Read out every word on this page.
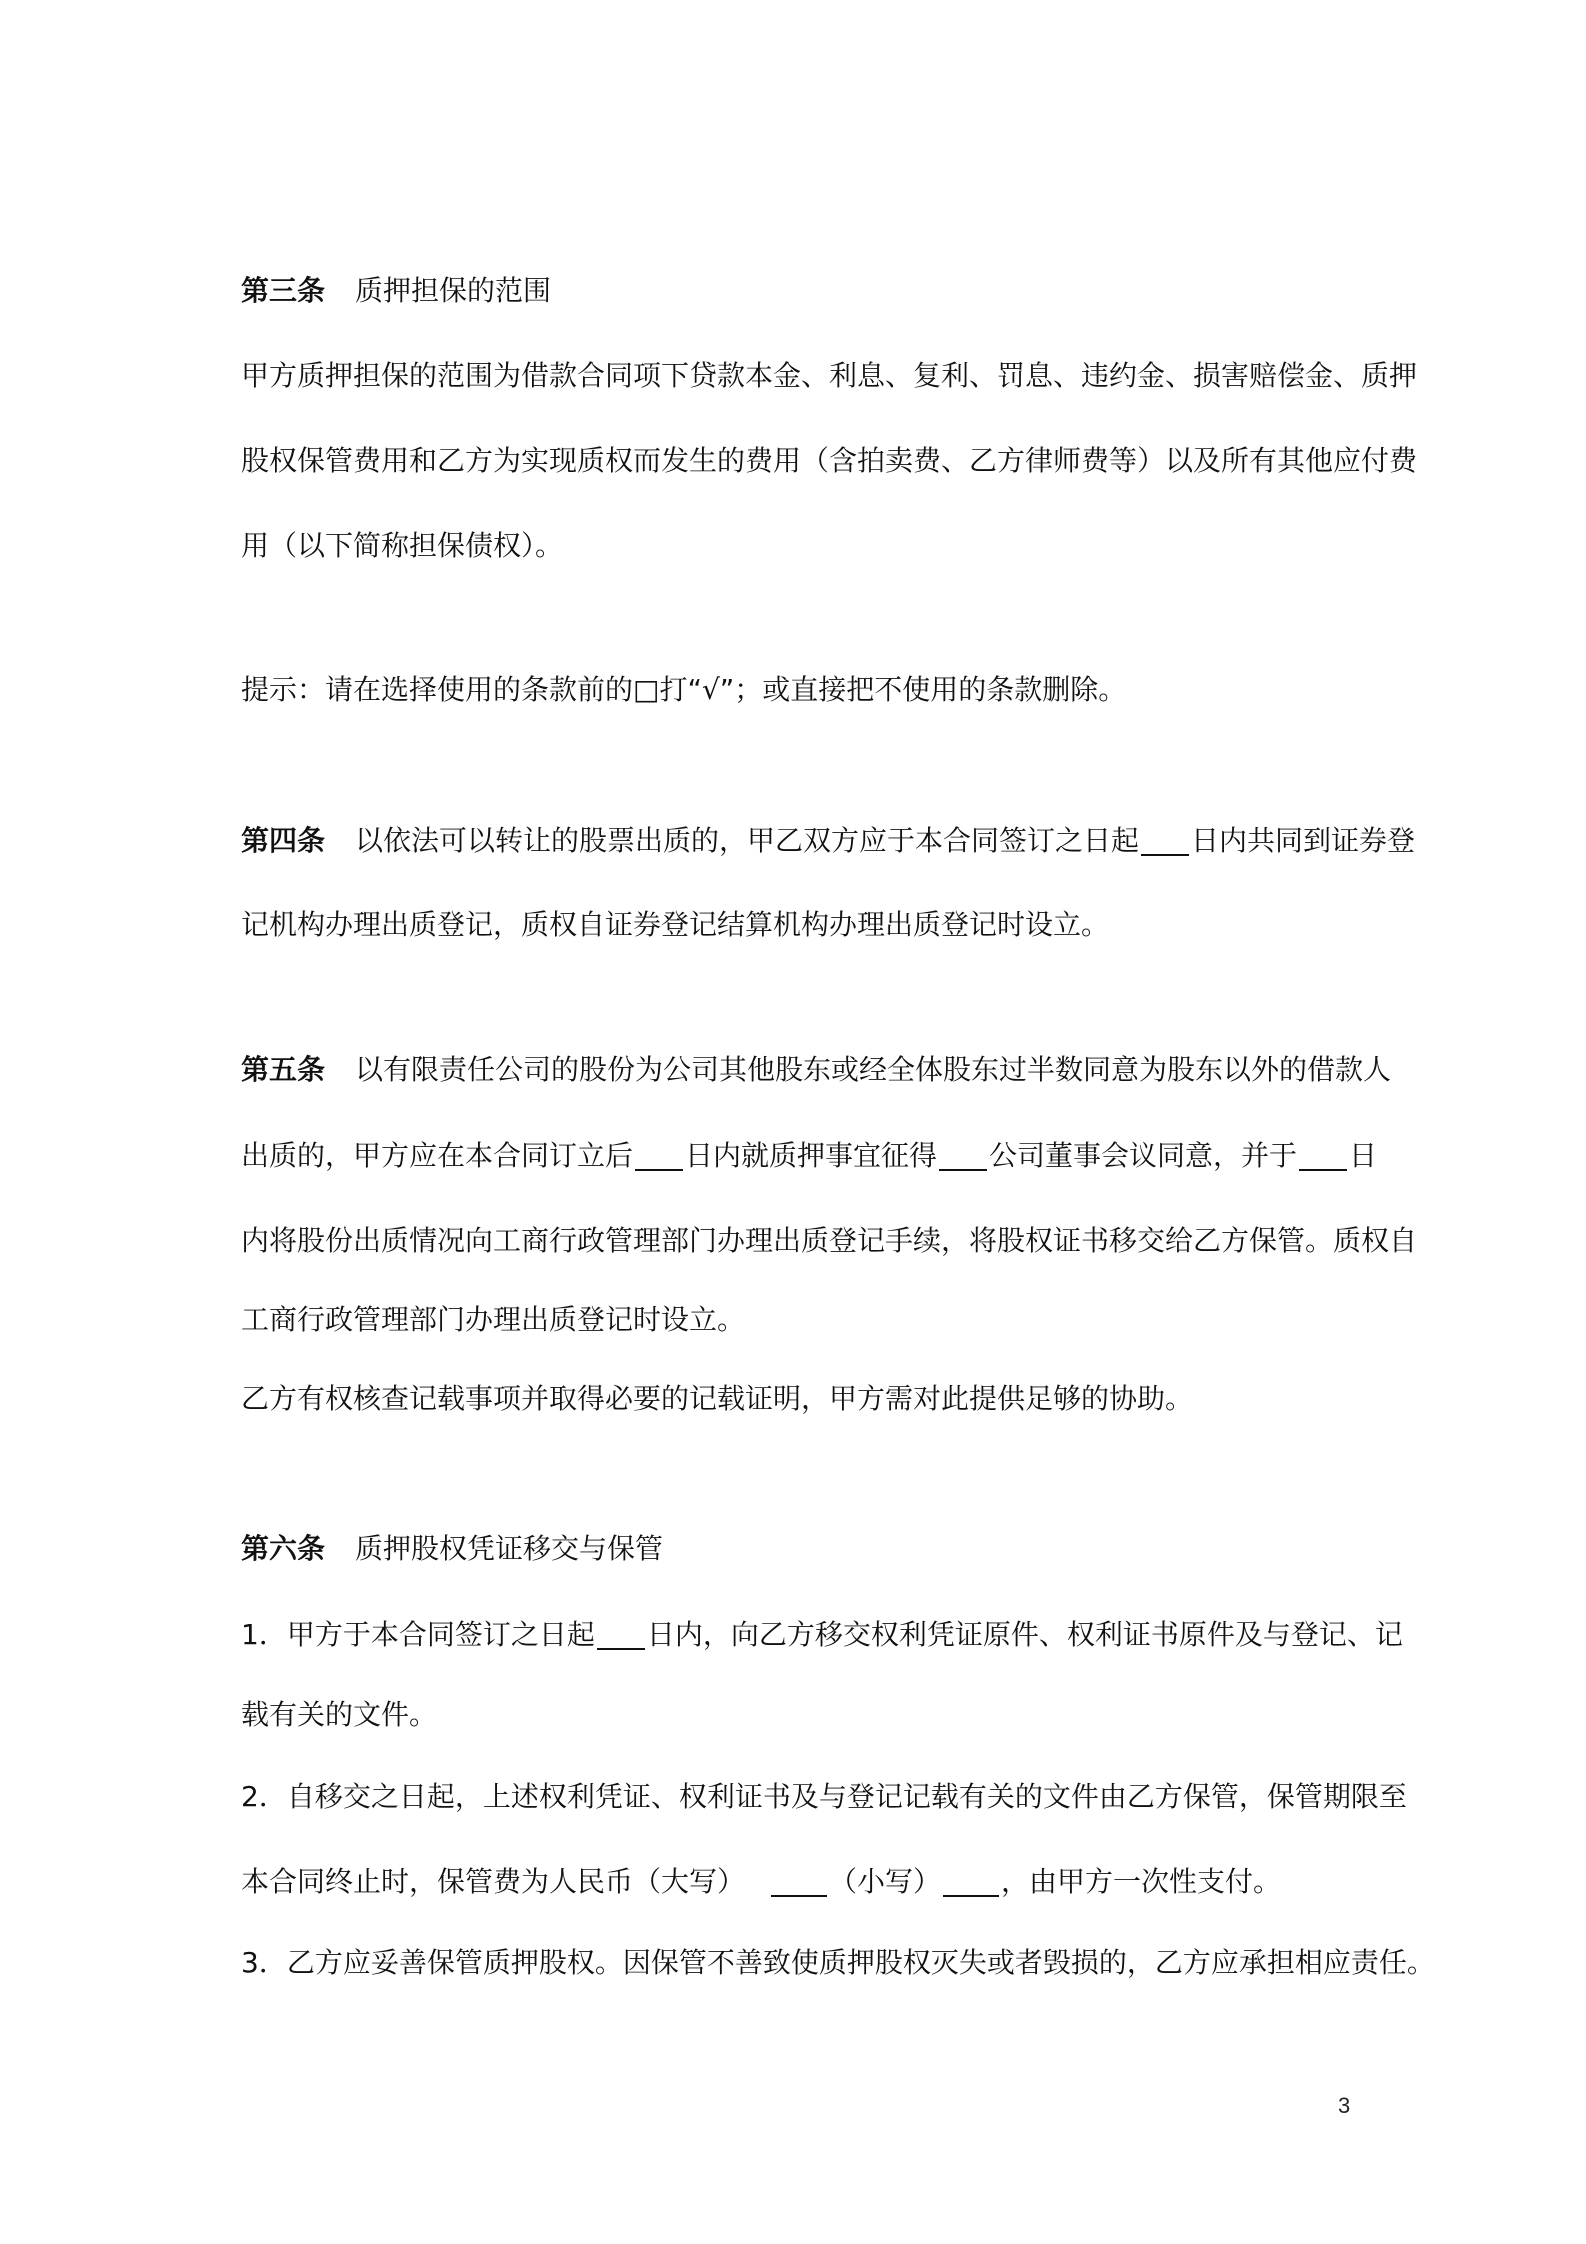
第三条 质押担保的范围
甲方质押担保的范围为借款合同项下贷款本金、利息、复利、罚息、违约金、损害赔偿金、质押
股权保管费用和乙方为实现质权而发生的费用（含拍卖费、乙方律师费等）以及所有其他应付费
用（以下简称担保债权）。
提示：请在选择使用的条款前的□打“√”；或直接把不使用的条款删除。
第四条 以依法可以转让的股票出质的，甲乙双方应于本合同签订之日起 日内共同到证券登
记机构办理出质登记，质权自证券登记结算机构办理出质登记时设立。
第五条 以有限责任公司的股份为公司其他股东或经全体股东过半数同意为股东以外的借款人
出质的，甲方应在本合同订立后 日内就质押事宜征得 公司董事会议同意，并于 日
内将股份出质情况向工商行政管理部门办理出质登记手续，将股权证书移交给乙方保管。质权自
工商行政管理部门办理出质登记时设立。
乙方有权核查记载事项并取得必要的记载证明，甲方需对此提供足够的协助。
第六条 质押股权凭证移交与保管
1．甲方于本合同签订之日起 日内，向乙方移交权利凭证原件、权利证书原件及与登记、记
载有关的文件。
2．自移交之日起，上述权利凭证、权利证书及与登记记载有关的文件由乙方保管，保管期限至
本合同终止时，保管费为人民币（大写）	（小写） ，由甲方一次性支付。
3．乙方应妥善保管质押股权。因保管不善致使质押股权灭失或者毁损的，乙方应承担相应责任。
3
